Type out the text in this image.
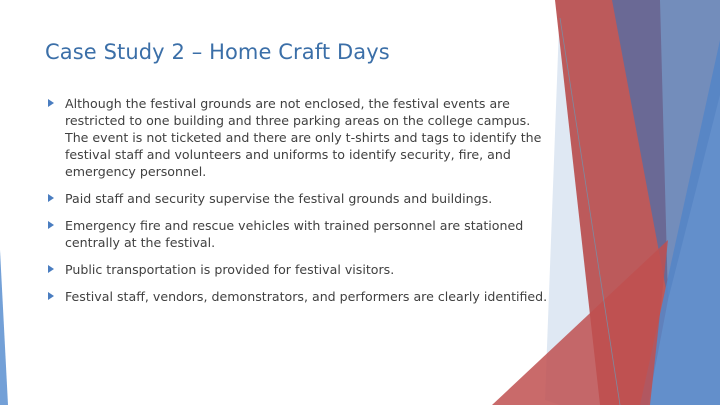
Case Study 2 – Home Craft Days
Although the festival grounds are not enclosed, the festival events are restricted to one building and three parking areas on the college campus. The event is not ticketed and there are only t-shirts and tags to identify the festival staff and volunteers and uniforms to identify security, fire, and emergency personnel.
Paid staff and security supervise the festival grounds and buildings.
Emergency fire and rescue vehicles with trained personnel are stationed centrally at the festival.
Public transportation is provided for festival visitors.
Festival staff, vendors, demonstrators, and performers are clearly identified.
